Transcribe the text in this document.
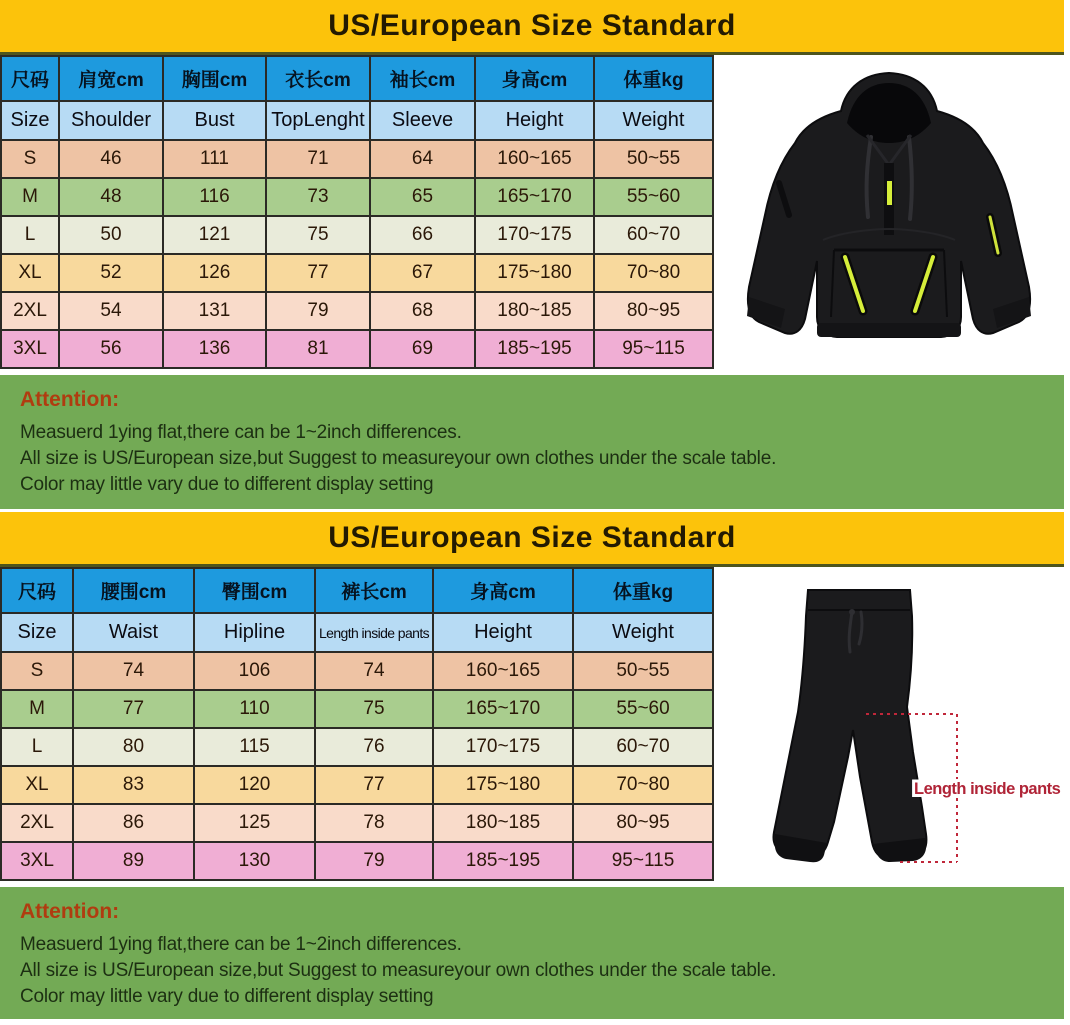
US/European Size Standard
尺码	肩宽cm	胸围cm	衣长cm	袖长cm	身高cm	体重kg
Size	Shoulder	Bust	TopLenght	Sleeve	Height	Weight
S	46	111	71	64	160~165	50~55
M	48	116	73	65	165~170	55~60
L	50	121	75	66	170~175	60~70
XL	52	126	77	67	175~180	70~80
2XL	54	131	79	68	180~185	80~95
3XL	56	136	81	69	185~195	95~115
Attention:
Measuerd 1ying flat,there can be 1~2inch differences.
All size is US/European size,but Suggest to measureyour own clothes under the scale table.
Color may little vary due to different display setting
US/European Size Standard
尺码	腰围cm	臀围cm	裤长cm	身高cm	体重kg
Size	Waist	Hipline	Length inside pants	Height	Weight
S	74	106	74	160~165	50~55
M	77	110	75	165~170	55~60
L	80	115	76	170~175	60~70
XL	83	120	77	175~180	70~80
2XL	86	125	78	180~185	80~95
3XL	89	130	79	185~195	95~115
Length inside pants
Attention:
Measuerd 1ying flat,there can be 1~2inch differences.
All size is US/European size,but Suggest to measureyour own clothes under the scale table.
Color may little vary due to different display setting
